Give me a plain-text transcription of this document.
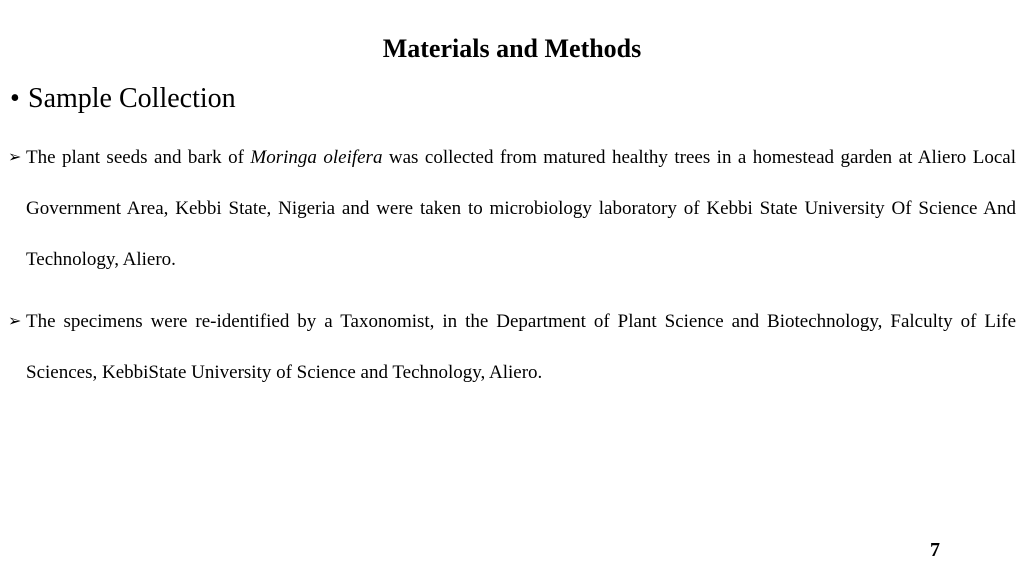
Materials and Methods
• Sample Collection
➢ The plant seeds and bark of Moringa oleifera was collected from matured healthy trees in a homestead garden at Aliero Local Government Area, Kebbi State, Nigeria and were taken to microbiology laboratory of Kebbi State University Of Science And Technology, Aliero.
➢ The specimens were re-identified by a Taxonomist, in the Department of Plant Science and Biotechnology, Falculty of Life Sciences, KebbiState University of Science and Technology, Aliero.
7
